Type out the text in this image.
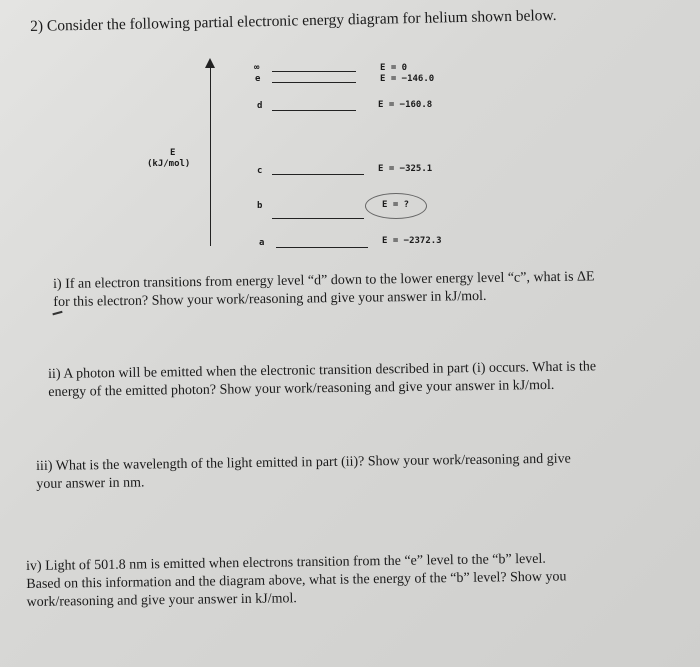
2) Consider the following partial electronic energy diagram for helium shown below.
E
(kJ/mol)
∞	E = 0
e	E = −146.0
d	E = −160.8
c	E = −325.1
b	E = ?
a	E = −2372.3
i) If an electron transitions from energy level “d” down to the lower energy level “c”, what is ΔE
for this electron? Show your work/reasoning and give your answer in kJ/mol.
ii) A photon will be emitted when the electronic transition described in part (i) occurs. What is the
energy of the emitted photon? Show your work/reasoning and give your answer in kJ/mol.
iii) What is the wavelength of the light emitted in part (ii)? Show your work/reasoning and give
your answer in nm.
iv) Light of 501.8 nm is emitted when electrons transition from the “e” level to the “b” level.
Based on this information and the diagram above, what is the energy of the “b” level? Show you
work/reasoning and give your answer in kJ/mol.
